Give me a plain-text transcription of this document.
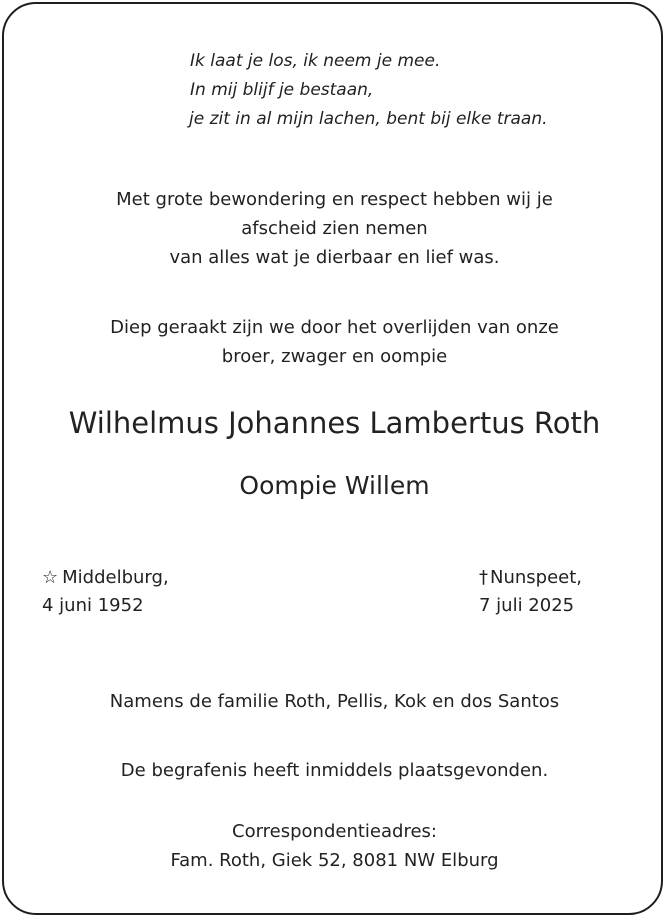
Ik laat je los, ik neem je mee.
In mij blijf je bestaan,
je zit in al mijn lachen, bent bij elke traan.
Met grote bewondering en respect hebben wij je
afscheid zien nemen
van alles wat je dierbaar en lief was.
Diep geraakt zijn we door het overlijden van onze
broer, zwager en oompie
Wilhelmus Johannes Lambertus Roth
Oompie Willem
☆ Middelburg,
4 juni 1952
† Nunspeet,
7 juli 2025
Namens de familie Roth, Pellis, Kok en dos Santos
De begrafenis heeft inmiddels plaatsgevonden.
Correspondentieadres:
Fam. Roth, Giek 52, 8081 NW Elburg
